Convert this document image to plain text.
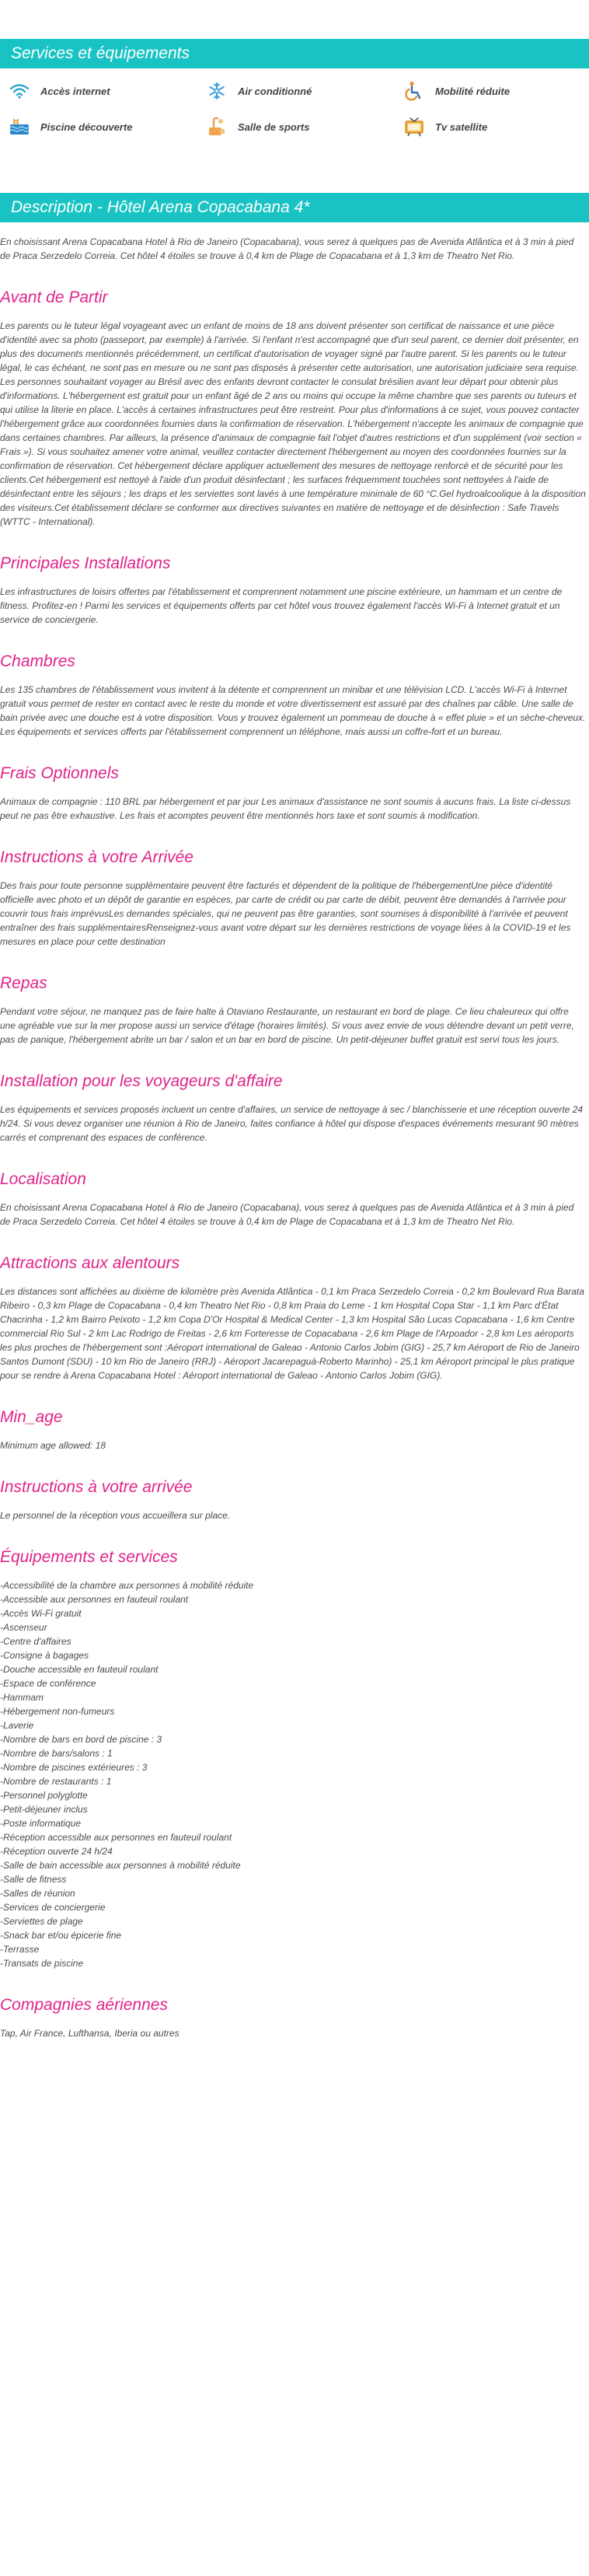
Services et équipements
Accès internet	Air conditionné	Mobilité réduite
Piscine découverte	Salle de sports	Tv satellite
Description - Hôtel Arena Copacabana 4*

En choisissant Arena Copacabana Hotel à Rio de Janeiro (Copacabana), vous serez à quelques pas de Avenida Atlântica et à 3 min à pied de Praca Serzedelo Correia. Cet hôtel 4 étoiles se trouve à 0,4 km de Plage de Copacabana et à 1,3 km de Theatro Net Rio.

Avant de Partir

Les parents ou le tuteur légal voyageant avec un enfant de moins de 18 ans doivent présenter son certificat de naissance et une pièce d'identité avec sa photo (passeport, par exemple) à l'arrivée. Si l'enfant n'est accompagné que d'un seul parent, ce dernier doit présenter, en plus des documents mentionnés précédemment, un certificat d'autorisation de voyager signé par l'autre parent. Si les parents ou le tuteur légal, le cas échéant, ne sont pas en mesure ou ne sont pas disposés à présenter cette autorisation, une autorisation judiciaire sera requise. Les personnes souhaitant voyager au Brésil avec des enfants devront contacter le consulat brésilien avant leur départ pour obtenir plus d'informations. L'hébergement est gratuit pour un enfant âgé de 2 ans ou moins qui occupe la même chambre que ses parents ou tuteurs et qui utilise la literie en place. L'accès à certaines infrastructures peut être restreint. Pour plus d'informations à ce sujet, vous pouvez contacter l'hébergement grâce aux coordonnées fournies dans la confirmation de réservation. L'hébergement n'accepte les animaux de compagnie que dans certaines chambres. Par ailleurs, la présence d'animaux de compagnie fait l'objet d'autres restrictions et d'un supplément (voir section « Frais »). Si vous souhaitez amener votre animal, veuillez contacter directement l'hébergement au moyen des coordonnées fournies sur la confirmation de réservation. Cet hébergement déclare appliquer actuellement des mesures de nettoyage renforcé et de sécurité pour les clients.Cet hébergement est nettoyé à l'aide d'un produit désinfectant ; les surfaces fréquemment touchées sont nettoyées à l'aide de désinfectant entre les séjours ; les draps et les serviettes sont lavés à une température minimale de 60 °C.Gel hydroalcoolique à la disposition des visiteurs.Cet établissement déclare se conformer aux directives suivantes en matière de nettoyage et de désinfection : Safe Travels (WTTC - International).

Principales Installations

Les infrastructures de loisirs offertes par l'établissement et comprennent notamment une piscine extérieure, un hammam et un centre de fitness. Profitez-en ! Parmi les services et équipements offerts par cet hôtel vous trouvez également l'accès Wi-Fi à Internet gratuit et un service de conciergerie.

Chambres

Les 135 chambres de l'établissement vous invitent à la détente et comprennent un minibar et une télévision LCD. L'accès Wi-Fi à Internet gratuit vous permet de rester en contact avec le reste du monde et votre divertissement est assuré par des chaînes par câble. Une salle de bain privée avec une douche est à votre disposition. Vous y trouvez également un pommeau de douche à « effet pluie » et un sèche-cheveux. Les équipements et services offerts par l'établissement comprennent un téléphone, mais aussi un coffre-fort et un bureau.

Frais Optionnels

Animaux de compagnie : 110 BRL par hébergement et par jour Les animaux d'assistance ne sont soumis à aucuns frais. La liste ci-dessus peut ne pas être exhaustive. Les frais et acomptes peuvent être mentionnés hors taxe et sont soumis à modification.

Instructions à votre Arrivée

Des frais pour toute personne supplémentaire peuvent être facturés et dépendent de la politique de l'hébergementUne pièce d'identité officielle avec photo et un dépôt de garantie en espèces, par carte de crédit ou par carte de débit, peuvent être demandés à l'arrivée pour couvrir tous frais imprévusLes demandes spéciales, qui ne peuvent pas être garanties, sont soumises à disponibilité à l'arrivée et peuvent entraîner des frais supplémentairesRenseignez-vous avant votre départ sur les dernières restrictions de voyage liées à la COVID-19 et les mesures en place pour cette destination

Repas

Pendant votre séjour, ne manquez pas de faire halte à Otaviano Restaurante, un restaurant en bord de plage. Ce lieu chaleureux qui offre une agréable vue sur la mer propose aussi un service d'étage (horaires limités). Si vous avez envie de vous détendre devant un petit verre, pas de panique, l'hébergement abrite un bar / salon et un bar en bord de piscine. Un petit-déjeuner buffet gratuit est servi tous les jours.

Installation pour les voyageurs d'affaire

Les équipements et services proposés incluent un centre d'affaires, un service de nettoyage à sec / blanchisserie et une réception ouverte 24 h/24. Si vous devez organiser une réunion à Rio de Janeiro, faites confiance à hôtel qui dispose d'espaces événements mesurant 90 mètres carrés et comprenant des espaces de conférence.

Localisation

En choisissant Arena Copacabana Hotel à Rio de Janeiro (Copacabana), vous serez à quelques pas de Avenida Atlântica et à 3 min à pied de Praca Serzedelo Correia. Cet hôtel 4 étoiles se trouve à 0,4 km de Plage de Copacabana et à 1,3 km de Theatro Net Rio.

Attractions aux alentours

Les distances sont affichées au dixième de kilomètre près Avenida Atlântica - 0,1 km Praca Serzedelo Correia - 0,2 km Boulevard Rua Barata Ribeiro - 0,3 km Plage de Copacabana - 0,4 km Theatro Net Rio - 0,8 km Praia do Leme - 1 km Hospital Copa Star - 1,1 km Parc d'État Chacrinha - 1,2 km Bairro Peixoto - 1,2 km Copa D'Or Hospital & Medical Center - 1,3 km Hospital São Lucas Copacabana - 1,6 km Centre commercial Rio Sul - 2 km Lac Rodrigo de Freitas - 2,6 km Forteresse de Copacabana - 2,6 km Plage de l'Arpoador - 2,8 km Les aéroports les plus proches de l'hébergement sont :Aéroport international de Galeao - Antonio Carlos Jobim (GIG) - 25,7 km Aéroport de Rio de Janeiro Santos Dumont (SDU) - 10 km Rio de Janeiro (RRJ) - Aéroport Jacarepaguá-Roberto Marinho) - 25,1 km Aéroport principal le plus pratique pour se rendre à Arena Copacabana Hotel : Aéroport international de Galeao - Antonio Carlos Jobim (GIG).

Min_age

Minimum age allowed: 18

Instructions à votre arrivée

Le personnel de la réception vous accueillera sur place.

Équipements et services
-Accessibilité de la chambre aux personnes à mobilité réduite
-Accessible aux personnes en fauteuil roulant
-Accès Wi-Fi gratuit
-Ascenseur
-Centre d'affaires
-Consigne à bagages
-Douche accessible en fauteuil roulant
-Espace de conférence
-Hammam
-Hébergement non-fumeurs
-Laverie
-Nombre de bars en bord de piscine : 3
-Nombre de bars/salons : 1
-Nombre de piscines extérieures : 3
-Nombre de restaurants : 1
-Personnel polyglotte
-Petit-déjeuner inclus
-Poste informatique
-Réception accessible aux personnes en fauteuil roulant
-Réception ouverte 24 h/24
-Salle de bain accessible aux personnes à mobilité réduite
-Salle de fitness
-Salles de réunion
-Services de conciergerie
-Serviettes de plage
-Snack bar et/ou épicerie fine
-Terrasse
-Transats de piscine
Compagnies aériennes

Tap, Air France, Lufthansa, Iberia ou autres
